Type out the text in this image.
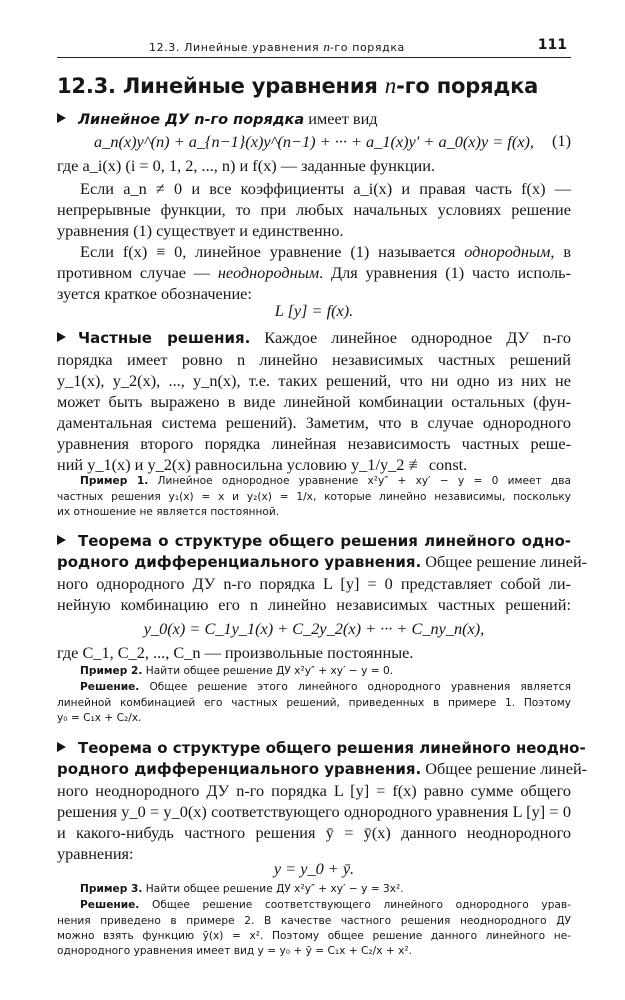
12.3. Линейные уравнения n-го порядка	111
12.3. Линейные уравнения n-го порядка
Линейное ДУ n-го порядка имеет вид
a_n(x)y^(n) + a_{n−1}(x)y^(n−1) + ··· + a_1(x)y′ + a_0(x)y = f(x),	(1)
где a_i(x) (i = 0, 1, 2, ..., n) и f(x) — заданные функции.
Если a_n ≠ 0 и все коэффициенты a_i(x) и правая часть f(x) —
непрерывные функции, то при любых начальных условиях решение
уравнения (1) существует и единственно.
Если f(x) ≡ 0, линейное уравнение (1) называется однородным, в
противном случае — неоднородным. Для уравнения (1) часто исполь-
зуется краткое обозначение:
L [y] = f(x).
Частные решения. Каждое линейное однородное ДУ n-го
порядка имеет ровно n линейно независимых частных решений
y_1(x), y_2(x), ..., y_n(x), т.е. таких решений, что ни одно из них не
может быть выражено в виде линейной комбинации остальных (фун-
даментальная система решений). Заметим, что в случае однородного
уравнения второго порядка линейная независимость частных реше-
ний y_1(x) и y_2(x) равносильна условию y_1/y_2 ≢ const.
Пример 1. Линейное однородное уравнение x²y″ + xy′ − y = 0 имеет два
частных решения y₁(x) = x и y₂(x) = 1/x, которые линейно независимы, поскольку
их отношение не является постоянной.
Теорема о структуре общего решения линейного одно-
родного дифференциального уравнения. Общее решение линей-
ного однородного ДУ n-го порядка L [y] = 0 представляет собой ли-
нейную комбинацию его n линейно независимых частных решений:
y_0(x) = C_1y_1(x) + C_2y_2(x) + ··· + C_ny_n(x),
где C_1, C_2, ..., C_n — произвольные постоянные.
Пример 2. Найти общее решение ДУ x²y″ + xy′ − y = 0.
Решение. Общее решение этого линейного однородного уравнения является
линейной комбинацией его частных решений, приведенных в примере 1. Поэтому
y₀ = C₁x + C₂/x.
Теорема о структуре общего решения линейного неодно-
родного дифференциального уравнения. Общее решение линей-
ного неоднородного ДУ n-го порядка L [y] = f(x) равно сумме общего
решения y_0 = y_0(x) соответствующего однородного уравнения L [y] = 0
и какого-нибудь частного решения ȳ = ȳ(x) данного неоднородного
уравнения:
y = y_0 + ȳ.
Пример 3. Найти общее решение ДУ x²y″ + xy′ − y = 3x².
Решение. Общее решение соответствующего линейного однородного урав-
нения приведено в примере 2. В качестве частного решения неоднородного ДУ
можно взять функцию ȳ(x) = x². Поэтому общее решение данного линейного не-
однородного уравнения имеет вид y = y₀ + ȳ = C₁x + C₂/x + x².
